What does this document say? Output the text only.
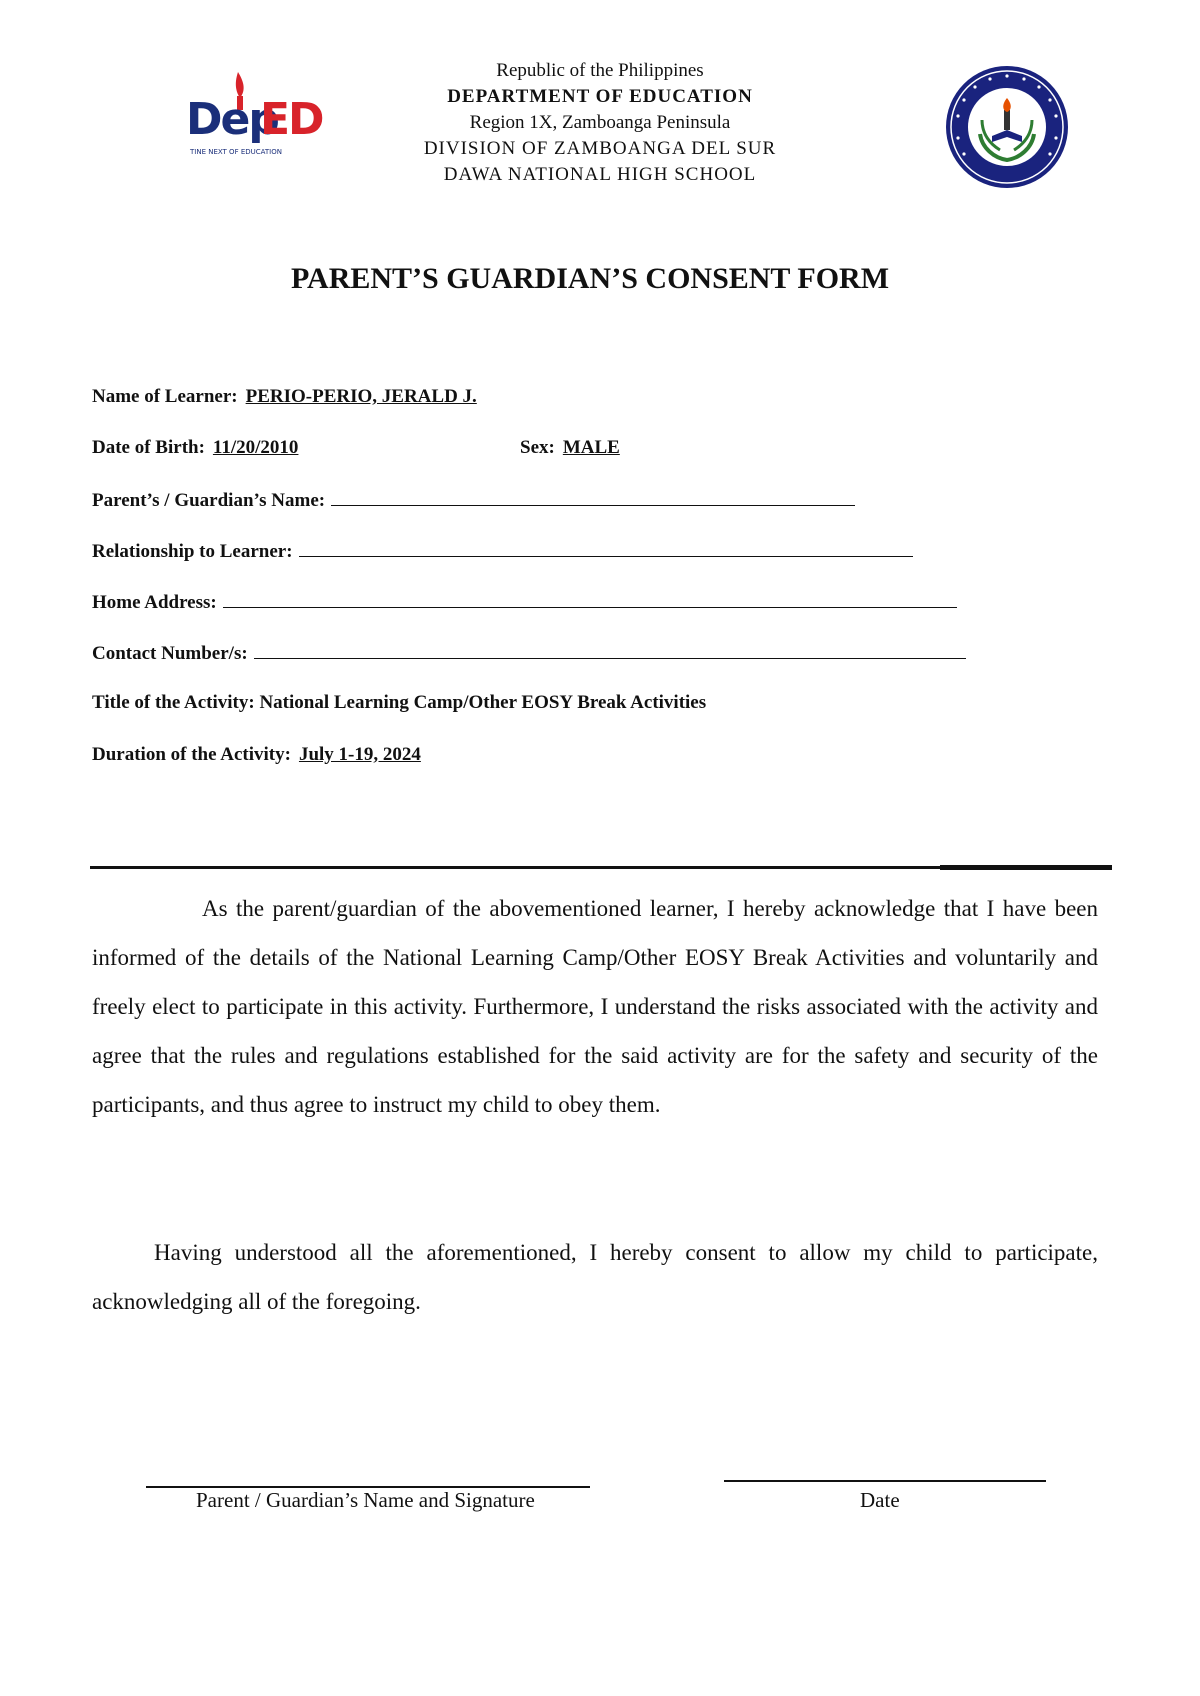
Dep
ED
TINE NEXT OF EDUCATION
Republic of the Philippines
DEPARTMENT OF EDUCATION
Region 1X, Zamboanga Peninsula
DIVISION OF ZAMBOANGA DEL SUR
DAWA NATIONAL HIGH SCHOOL
PARENT’S GUARDIAN’S CONSENT FORM
Name of Learner: PERIO-PERIO, JERALD J.
Date of Birth: 11/20/2010	Sex: MALE
Parent’s / Guardian’s Name:
Relationship to Learner:
Home Address:
Contact Number/s:
Title of the Activity: National Learning Camp/Other EOSY Break Activities
Duration of the Activity: July 1-19, 2024
As the parent/guardian of the abovementioned learner, I hereby acknowledge that I have been informed of the details of the National Learning Camp/Other EOSY Break Activities and voluntarily and freely elect to participate in this activity. Furthermore, I understand the risks associated with the activity and agree that the rules and regulations established for the said activity are for the safety and security of the participants, and thus agree to instruct my child to obey them.
Having understood all the aforementioned, I hereby consent to allow my child to participate, acknowledging all of the foregoing.
Parent / Guardian’s Name and Signature	Date
